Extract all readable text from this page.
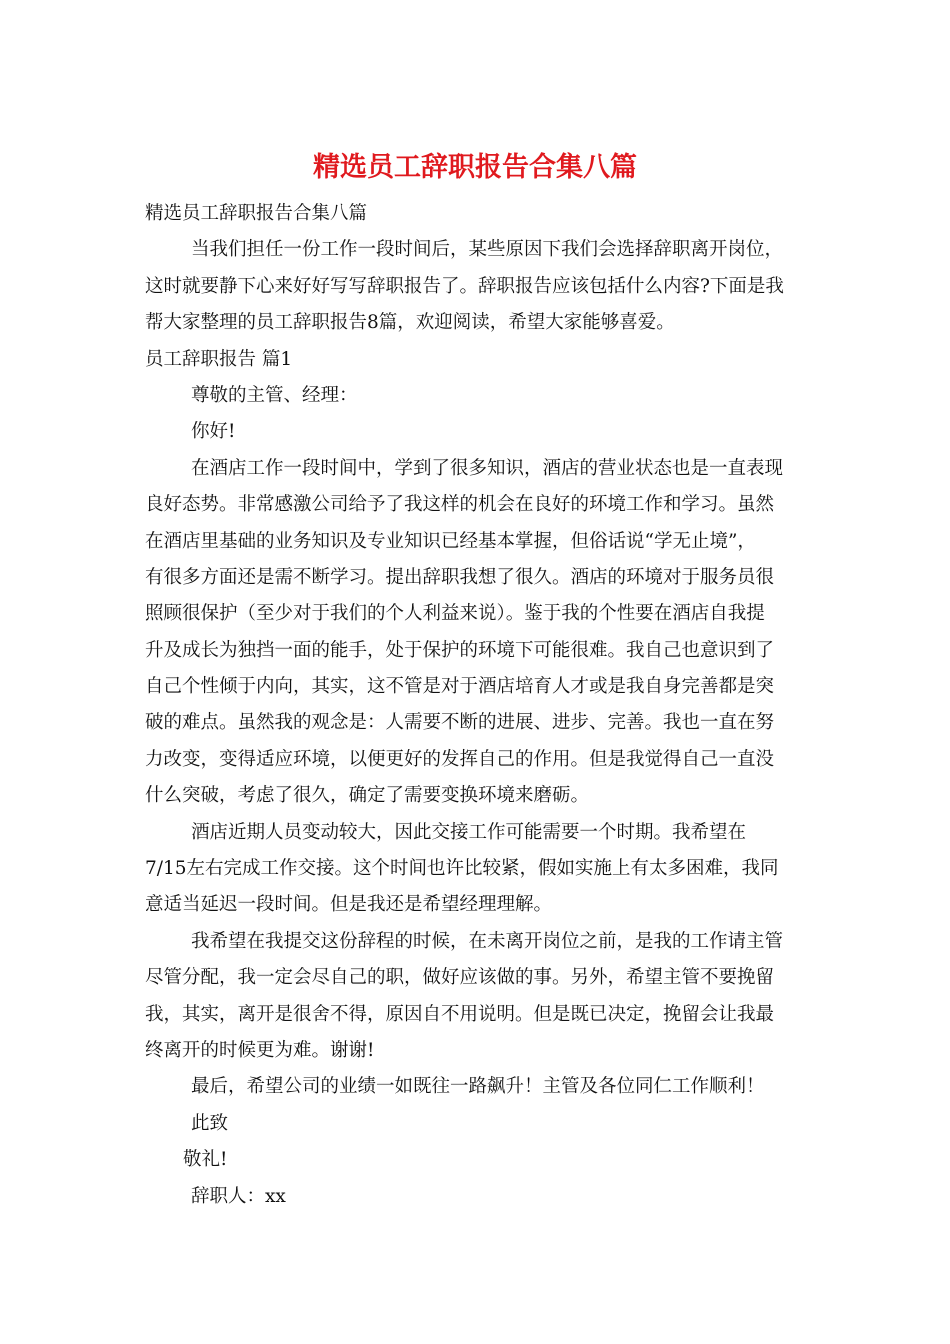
精选员工辞职报告合集八篇
精选员工辞职报告合集八篇
当我们担任一份工作一段时间后，某些原因下我们会选择辞职离开岗位，
这时就要静下心来好好写写辞职报告了。辞职报告应该包括什么内容?下面是我
帮大家整理的员工辞职报告8篇，欢迎阅读，希望大家能够喜爱。
员工辞职报告 篇1
尊敬的主管、经理：
你好!
在酒店工作一段时间中，学到了很多知识，酒店的营业状态也是一直表现
良好态势。非常感激公司给予了我这样的机会在良好的环境工作和学习。虽然
在酒店里基础的业务知识及专业知识已经基本掌握，但俗话说“学无止境”，
有很多方面还是需不断学习。提出辞职我想了很久。酒店的环境对于服务员很
照顾很保护（至少对于我们的个人利益来说）。鉴于我的个性要在酒店自我提
升及成长为独挡一面的能手，处于保护的环境下可能很难。我自己也意识到了
自己个性倾于内向，其实，这不管是对于酒店培育人才或是我自身完善都是突
破的难点。虽然我的观念是：人需要不断的进展、进步、完善。我也一直在努
力改变，变得适应环境，以便更好的发挥自己的作用。但是我觉得自己一直没
什么突破，考虑了很久，确定了需要变换环境来磨砺。
酒店近期人员变动较大，因此交接工作可能需要一个时期。我希望在
7/15左右完成工作交接。这个时间也许比较紧，假如实施上有太多困难，我同
意适当延迟一段时间。但是我还是希望经理理解。
我希望在我提交这份辞程的时候，在未离开岗位之前，是我的工作请主管
尽管分配，我一定会尽自己的职，做好应该做的事。另外，希望主管不要挽留
我，其实，离开是很舍不得，原因自不用说明。但是既已决定，挽留会让我最
终离开的时候更为难。谢谢!
最后，希望公司的业绩一如既往一路飙升！主管及各位同仁工作顺利！
此致
敬礼!
辞职人：xx
